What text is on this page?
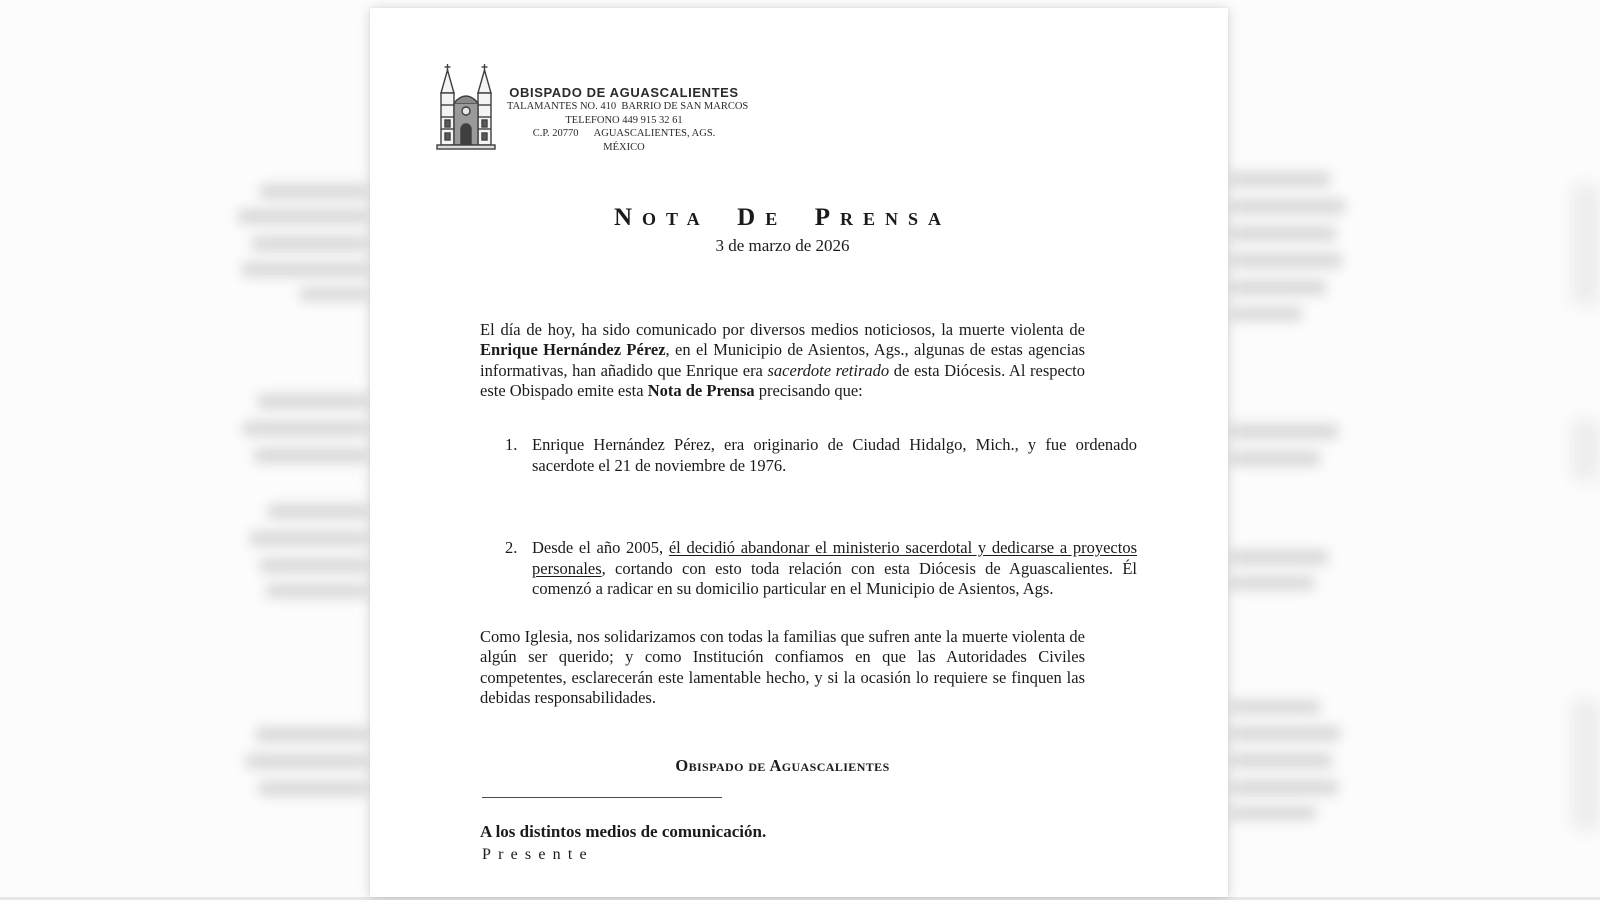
OBISPADO DE AGUASCALIENTES
TALAMANTES NO. 410  BARRIO DE SAN MARCOS
TELEFONO 449 915 32 61
C.P. 20770      AGUASCALIENTES, AGS.
MÉXICO
Nota De Prensa
3 de marzo de 2026

El día de hoy, ha sido comunicado por diversos medios noticiosos, la muerte violenta de Enrique Hernández Pérez, en el Municipio de Asientos, Ags., algunas de estas agencias informativas, han añadido que Enrique era sacerdote retirado de esta Diócesis. Al respecto este Obispado emite esta Nota de Prensa precisando que:

1. Enrique Hernández Pérez, era originario de Ciudad Hidalgo, Mich., y fue ordenado sacerdote el 21 de noviembre de 1976.
2. Desde el año 2005, él decidió abandonar el ministerio sacerdotal y dedicarse a proyectos personales, cortando con esto toda relación con esta Diócesis de Aguascalientes. Él comenzó a radicar en su domicilio particular en el Municipio de Asientos, Ags.

Como Iglesia, nos solidarizamos con todas la familias que sufren ante la muerte violenta de algún ser querido; y como Institución confiamos en que las Autoridades Civiles competentes, esclarecerán este lamentable hecho, y si la ocasión lo requiere se finquen las debidas responsabilidades.

Obispado de Aguascalientes
A los distintos medios de comunicación.
Presente
